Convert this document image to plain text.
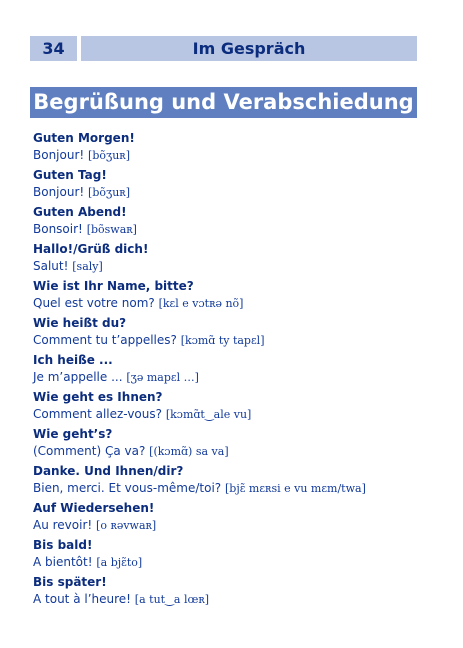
34	Im Gespräch
Begrüßung und Verabschiedung
Guten Morgen!
Bonjour! [bõʒuʀ]
Guten Tag!
Bonjour! [bõʒuʀ]
Guten Abend!
Bonsoir! [bõswaʀ]
Hallo!/Grüß dich!
Salut! [saly]
Wie ist Ihr Name, bitte?
Quel est votre nom? [kɛl e vɔtʀə nõ]
Wie heißt du?
Comment tu t’appelles? [kɔmɑ̃ ty tapɛl]
Ich heiße ...
Je m’appelle ... [ʒə mapɛl …]
Wie geht es Ihnen?
Comment allez-vous? [kɔmɑ̃t‿ale vu]
Wie geht’s?
(Comment) Ça va? [(kɔmɑ̃) sa va]
Danke. Und Ihnen/dir?
Bien, merci. Et vous-même/toi? [bjɛ̃ mɛʀsi e vu mɛm/twa]
Auf Wiedersehen!
Au revoir! [o ʀəvwaʀ]
Bis bald!
A bientôt! [a bjɛ̃to]
Bis später!
A tout à l’heure! [a tut‿a lœʀ]
